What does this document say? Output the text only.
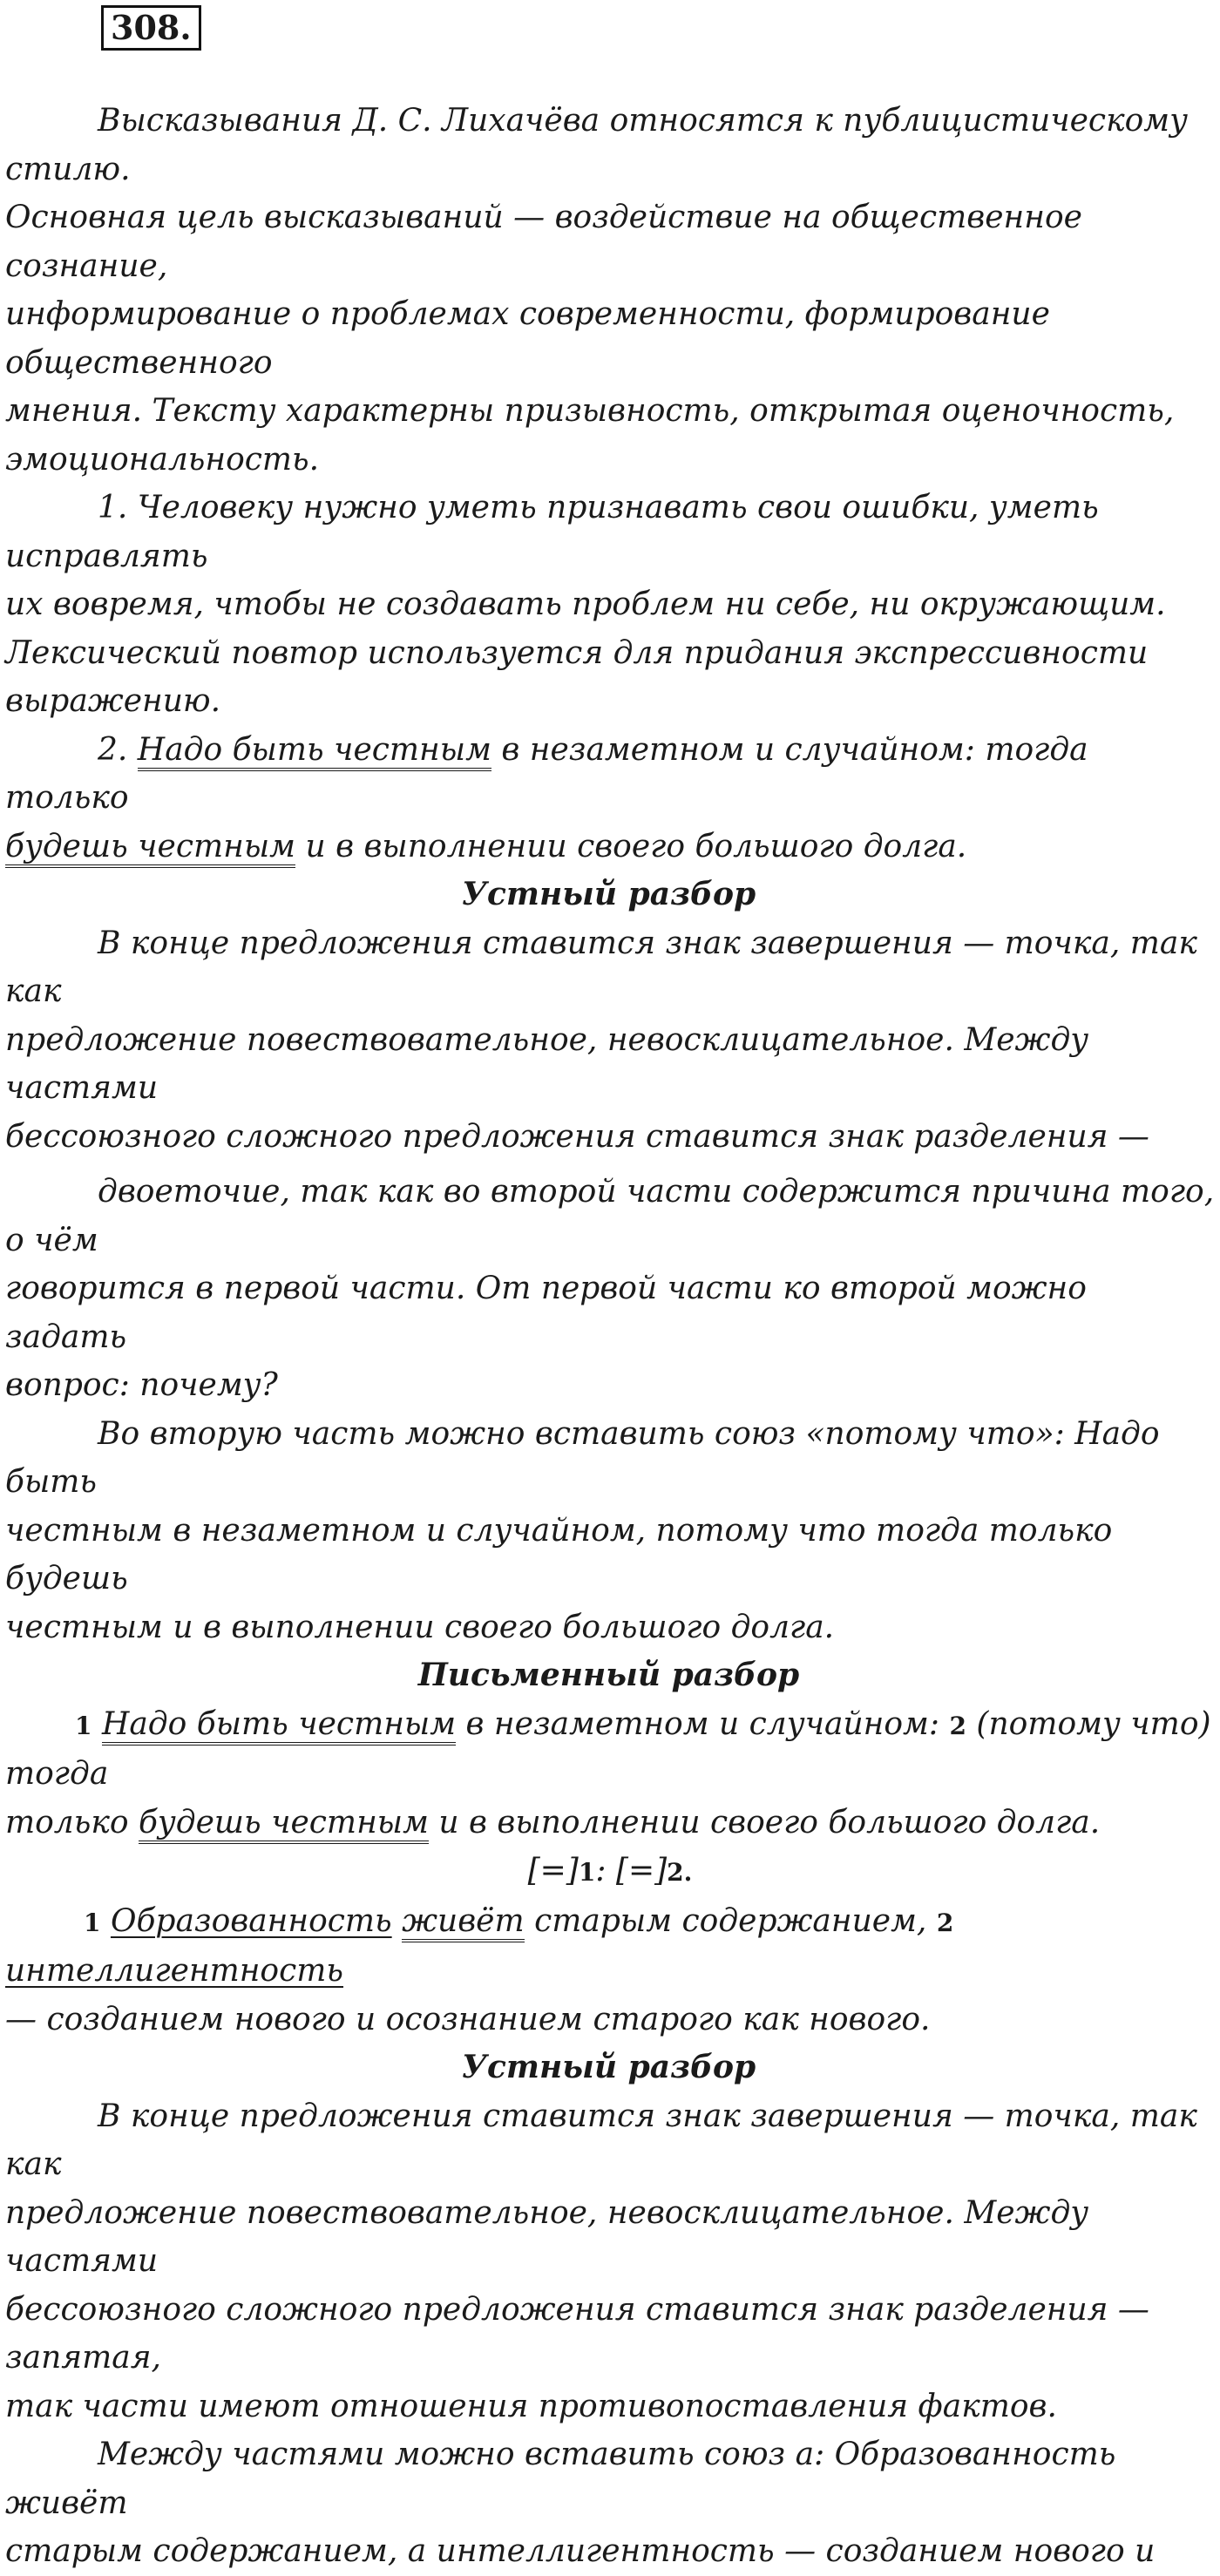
308.

Высказывания Д. С. Лихачёва относятся к публицистическому стилю.
Основная цель высказываний — воздействие на общественное сознание,
информирование о проблемах современности, формирование общественного
мнения. Тексту характерны призывность, открытая оценочность,
эмоциональность.

1. Человеку нужно уметь признавать свои ошибки, уметь исправлять
их вовремя, чтобы не создавать проблем ни себе, ни окружающим.
Лексический повтор используется для придания экспрессивности
выражению.

2. Надо быть честным в незаметном и случайном: тогда только
будешь честным и в выполнении своего большого долга.

Устный разбор

В конце предложения ставится знак завершения — точка, так как
предложение повествовательное, невосклицательное. Между частями
бессоюзного сложного предложения ставится знак разделения —
двоеточие, так как во второй части содержится причина того, о чём
говорится в первой части. От первой части ко второй можно задать
вопрос: почему?

Во вторую часть можно вставить союз «потому что»: Надо быть
честным в незаметном и случайном, потому что тогда только будешь
честным и в выполнении своего большого долга.

Письменный разбор

1 Надо быть честным в незаметном и случайном: 2 (потому что) тогда
только будешь честным и в выполнении своего большого долга.

[=]1: [=]2.

1 Образованность живёт старым содержанием, 2 интеллигентность
— созданием нового и осознанием старого как нового.

Устный разбор

В конце предложения ставится знак завершения — точка, так как
предложение повествовательное, невосклицательное. Между частями
бессоюзного сложного предложения ставится знак разделения — запятая,
так части имеют отношения противопоставления фактов.

Между частями можно вставить союз а: Образованность живёт
старым содержанием, а интеллигентность — созданием нового и
